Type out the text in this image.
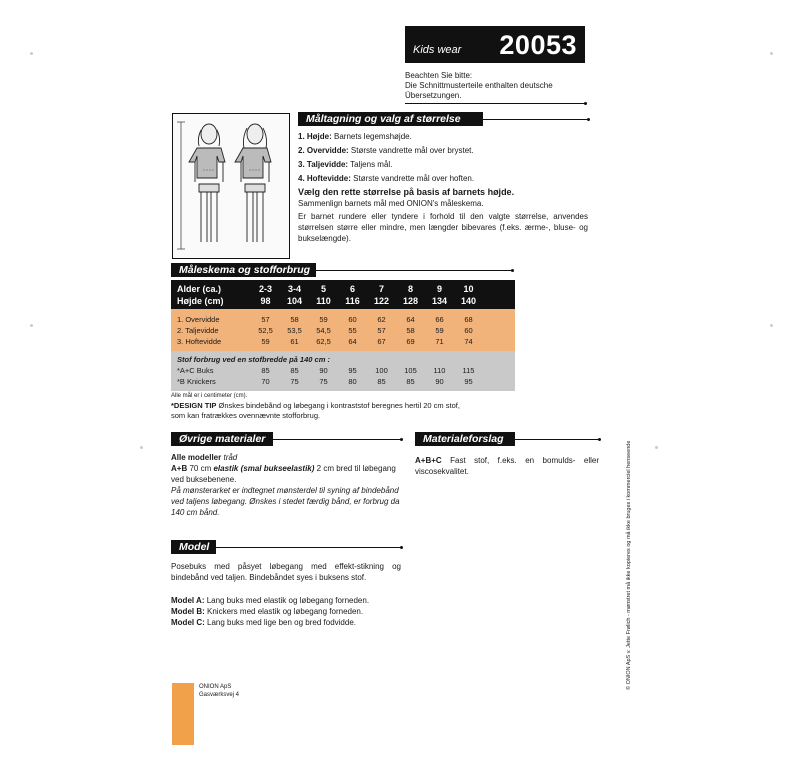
Kids wear 20053
Beachten Sie bitte:
Die Schnittmusterteile enthalten deutsche
Übersetzungen.
Måltagning og valg af størrelse
1. Højde: Barnets legemshøjde.
2. Overvidde: Største vandrette mål over brystet.
3. Taljevidde: Taljens mål.
4. Hoftevidde: Største vandrette mål over hoften.
Vælg den rette størrelse på basis af barnets højde.
Sammenlign barnets mål med ONION's måleskema.
Er barnet rundere eller tyndere i forhold til den valgte størrelse, anvendes størrelsen større eller mindre, men længder bibevares (f.eks. ærme-, bluse- og bukselængde).
Måleskema og stofforbrug
Alder (ca.)	2-3	3-4	5	6	7	8	9	10
Højde (cm)	98	104	110	116	122	128	134	140
1. Overvidde	57	58	59	60	62	64	66	68
2. Taljevidde	52,5	53,5	54,5	55	57	58	59	60
3. Hoftevidde	59	61	62,5	64	67	69	71	74
Stof forbrug ved en stofbredde på 140 cm :
*A+C Buks	85	85	90	95	100	105	110	115
*B Knickers	70	75	75	80	85	85	90	95
Alle mål er i centimeter (cm).
*DESIGN TIP Ønskes bindebånd og løbegang i kontraststof beregnes hertil 20 cm stof,
som kan fratrækkes ovennævnte stofforbrug.
Øvrige materialer
Alle modeller tråd
A+B 70 cm elastik (smal bukseelastik) 2 cm bred til løbegang ved buksebenene.
På mønsterarket er indtegnet mønsterdel til syning af bindebånd ved taljens løbegang. Ønskes i stedet færdig bånd, er forbrug da 140 cm bånd.
Materialeforslag
A+B+C Fast stof, f.eks. en bomulds- eller viscosekvalitet.
Model
Posebuks med påsyet løbegang med effekt-stikning og bindebånd ved taljen. Bindebåndet syes i buksens stof.
Model A: Lang buks med elastik og løbegang forneden.
Model B: Knickers med elastik og løbegang forneden.
Model C: Lang buks med lige ben og bred fodvidde.
ONION ApS
Gasværksvej 4
© ONION ApS v. Jette Frølich - mønstret må ikke kopieres og må ikke bruges i kommerciel henseende
